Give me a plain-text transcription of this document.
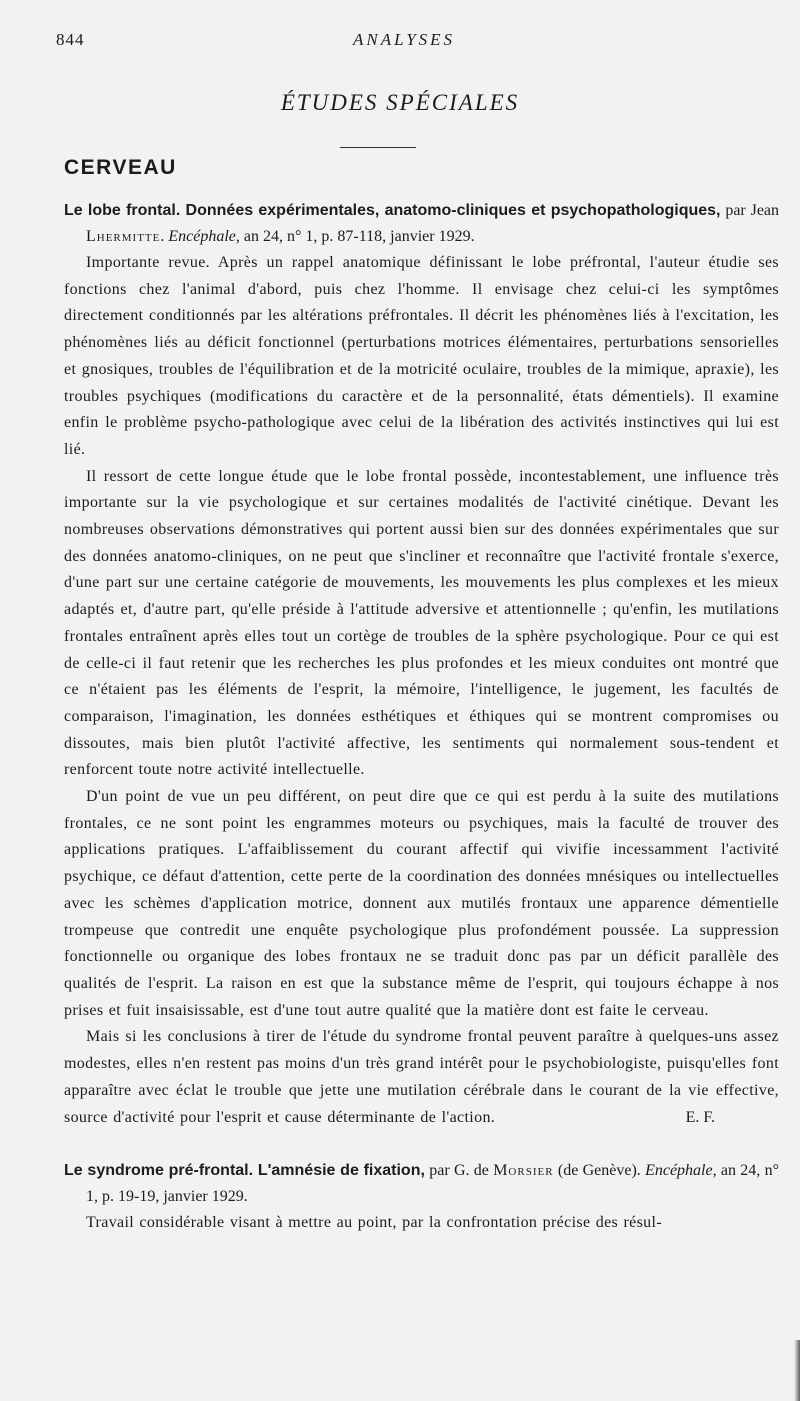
844	ANALYSES
ÉTUDES SPÉCIALES
CERVEAU

Le lobe frontal. Données expérimentales, anatomo-cliniques et psychopathologiques, par Jean Lhermitte. Encéphale, an 24, n° 1, p. 87-118, janvier 1929.

Importante revue. Après un rappel anatomique définissant le lobe préfrontal, l'auteur étudie ses fonctions chez l'animal d'abord, puis chez l'homme. Il envisage chez celui-ci les symptômes directement conditionnés par les altérations préfrontales. Il décrit les phénomènes liés à l'excitation, les phénomènes liés au déficit fonctionnel (perturbations motrices élémentaires, perturbations sensorielles et gnosiques, troubles de l'équilibration et de la motricité oculaire, troubles de la mimique, apraxie), les troubles psychiques (modifications du caractère et de la personnalité, états démentiels). Il examine enfin le problème psycho-pathologique avec celui de la libération des activités instinctives qui lui est lié.

Il ressort de cette longue étude que le lobe frontal possède, incontestablement, une influence très importante sur la vie psychologique et sur certaines modalités de l'activité cinétique. Devant les nombreuses observations démonstratives qui portent aussi bien sur des données expérimentales que sur des données anatomo-cliniques, on ne peut que s'incliner et reconnaître que l'activité frontale s'exerce, d'une part sur une certaine catégorie de mouvements, les mouvements les plus complexes et les mieux adaptés et, d'autre part, qu'elle préside à l'attitude adversive et attentionnelle ; qu'enfin, les mutilations frontales entraînent après elles tout un cortège de troubles de la sphère psychologique. Pour ce qui est de celle-ci il faut retenir que les recherches les plus profondes et les mieux conduites ont montré que ce n'étaient pas les éléments de l'esprit, la mémoire, l'intelligence, le jugement, les facultés de comparaison, l'imagination, les données esthétiques et éthiques qui se montrent compromises ou dissoutes, mais bien plutôt l'activité affective, les sentiments qui normalement sous-tendent et renforcent toute notre activité intellectuelle.

D'un point de vue un peu différent, on peut dire que ce qui est perdu à la suite des mutilations frontales, ce ne sont point les engrammes moteurs ou psychiques, mais la faculté de trouver des applications pratiques. L'affaiblissement du courant affectif qui vivifie incessamment l'activité psychique, ce défaut d'attention, cette perte de la coordination des données mnésiques ou intellectuelles avec les schèmes d'application motrice, donnent aux mutilés frontaux une apparence démentielle trompeuse que contredit une enquête psychologique plus profondément poussée. La suppression fonctionnelle ou organique des lobes frontaux ne se traduit donc pas par un déficit parallèle des qualités de l'esprit. La raison en est que la substance même de l'esprit, qui toujours échappe à nos prises et fuit insaisissable, est d'une tout autre qualité que la matière dont est faite le cerveau.

Mais si les conclusions à tirer de l'étude du syndrome frontal peuvent paraître à quelques-uns assez modestes, elles n'en restent pas moins d'un très grand intérêt pour le psychobiologiste, puisqu'elles font apparaître avec éclat le trouble que jette une mutilation cérébrale dans le courant de la vie effective, source d'activité pour l'esprit et cause déterminante de l'action.	E. F.

Le syndrome pré-frontal. L'amnésie de fixation, par G. de Morsier (de Genève). Encéphale, an 24, n° 1, p. 19-19, janvier 1929.

Travail considérable visant à mettre au point, par la confrontation précise des résul-
